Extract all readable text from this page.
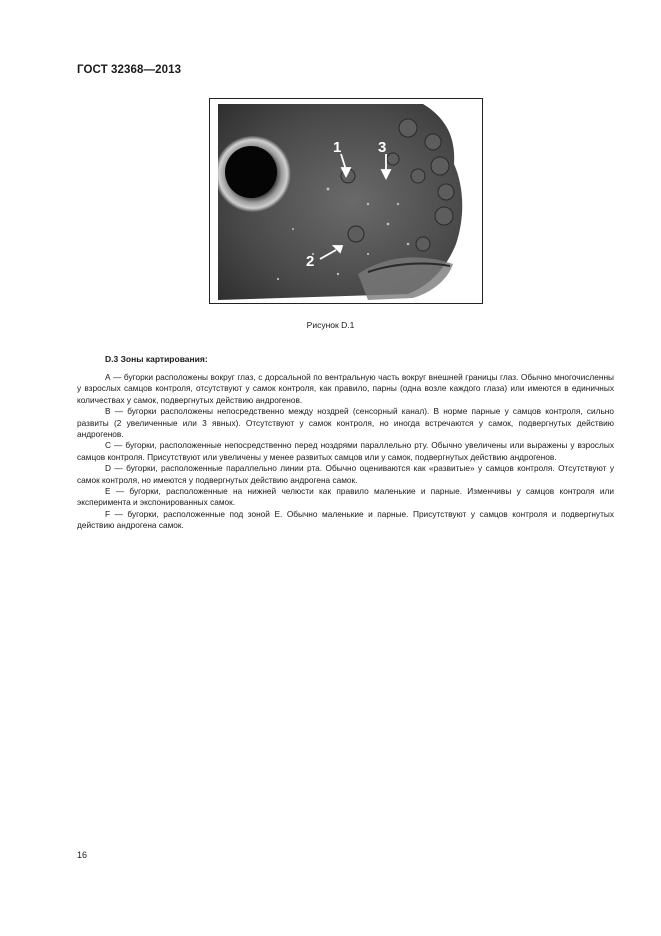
ГОСТ 32368—2013
1 3
2
Рисунок D.1
D.3 Зоны картирования:

А — бугорки расположены вокруг глаз, с дорсальной по вентральную часть вокруг внешней границы глаз. Обычно многочисленны у взрослых самцов контроля, отсутствуют у самок контроля, как правило, парны (одна возле каждого глаза) или имеются в единичных количествах у самок, подвергнутых действию андрогенов.

В — бугорки расположены непосредственно между ноздрей (сенсорный канал). В норме парные у самцов контроля, сильно развиты (2 увеличенные или 3 явных). Отсутствуют у самок контроля, но иногда встречаются у самок, подвергнутых действию андрогенов.

С — бугорки, расположенные непосредственно перед ноздрями параллельно рту. Обычно увеличены или выражены у взрослых самцов контроля. Присутствуют или увеличены у менее развитых самцов или у самок, подвергнутых действию андрогенов.

D — бугорки, расположенные параллельно линии рта. Обычно оцениваются как «развитые» у самцов контроля. Отсутствуют у самок контроля, но имеются у подвергнутых действию андрогена самок.

Е — бугорки, расположенные на нижней челюсти как правило маленькие и парные. Изменчивы у самцов контроля или эксперимента и экспонированных самок.

F — бугорки, расположенные под зоной Е. Обычно маленькие и парные. Присутствуют у самцов контроля и подвергнутых действию андрогена самок.

16
